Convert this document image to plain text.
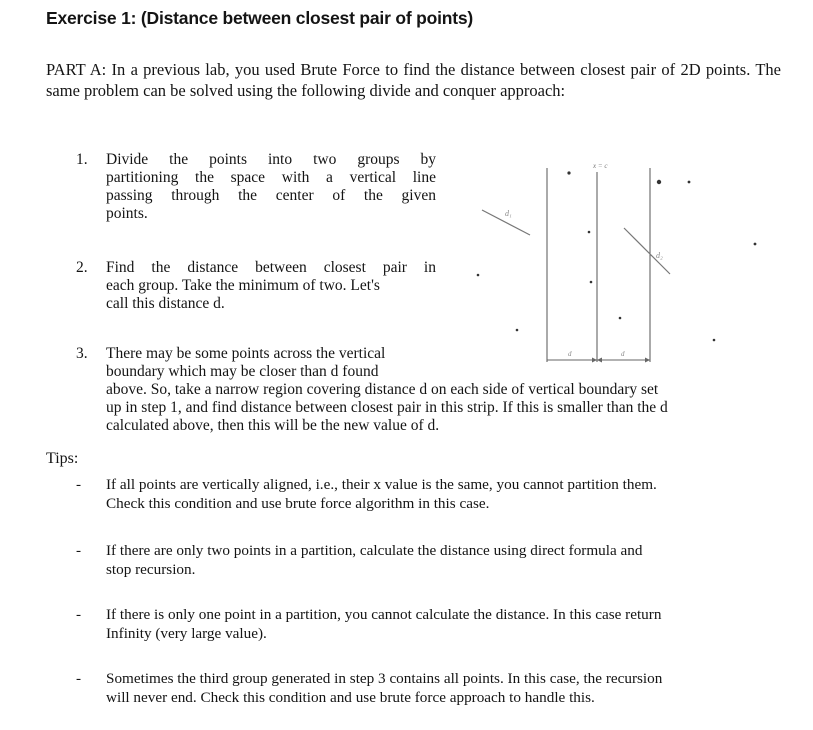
Exercise 1: (Distance between closest pair of points)

PART A: In a previous lab, you used Brute Force to find the distance between closest pair of 2D points. The same problem can be solved using the following divide and conquer approach:

1. Divide the points into two groups by
partitioning the space with a vertical line
passing through the center of the given
points.
2. Find the distance between closest pair in
each group. Take the minimum of two. Let's
call this distance d.
3. There may be some points across the vertical
boundary which may be closer than d found
above. So, take a narrow region covering distance d on each side of vertical boundary set
up in step 1, and find distance between closest pair in this strip. If this is smaller than the d
calculated above, then this will be the new value of d.
Tips:
- If all points are vertically aligned, i.e., their x value is the same, you cannot partition them.
Check this condition and use brute force algorithm in this case.
- If there are only two points in a partition, calculate the distance using direct formula and
stop recursion.
- If there is only one point in a partition, you cannot calculate the distance. In this case return
Infinity (very large value).
- Sometimes the third group generated in step 3 contains all points. In this case, the recursion
will never end. Check this condition and use brute force approach to handle this.
x = c
d₁
d₂
d	d
